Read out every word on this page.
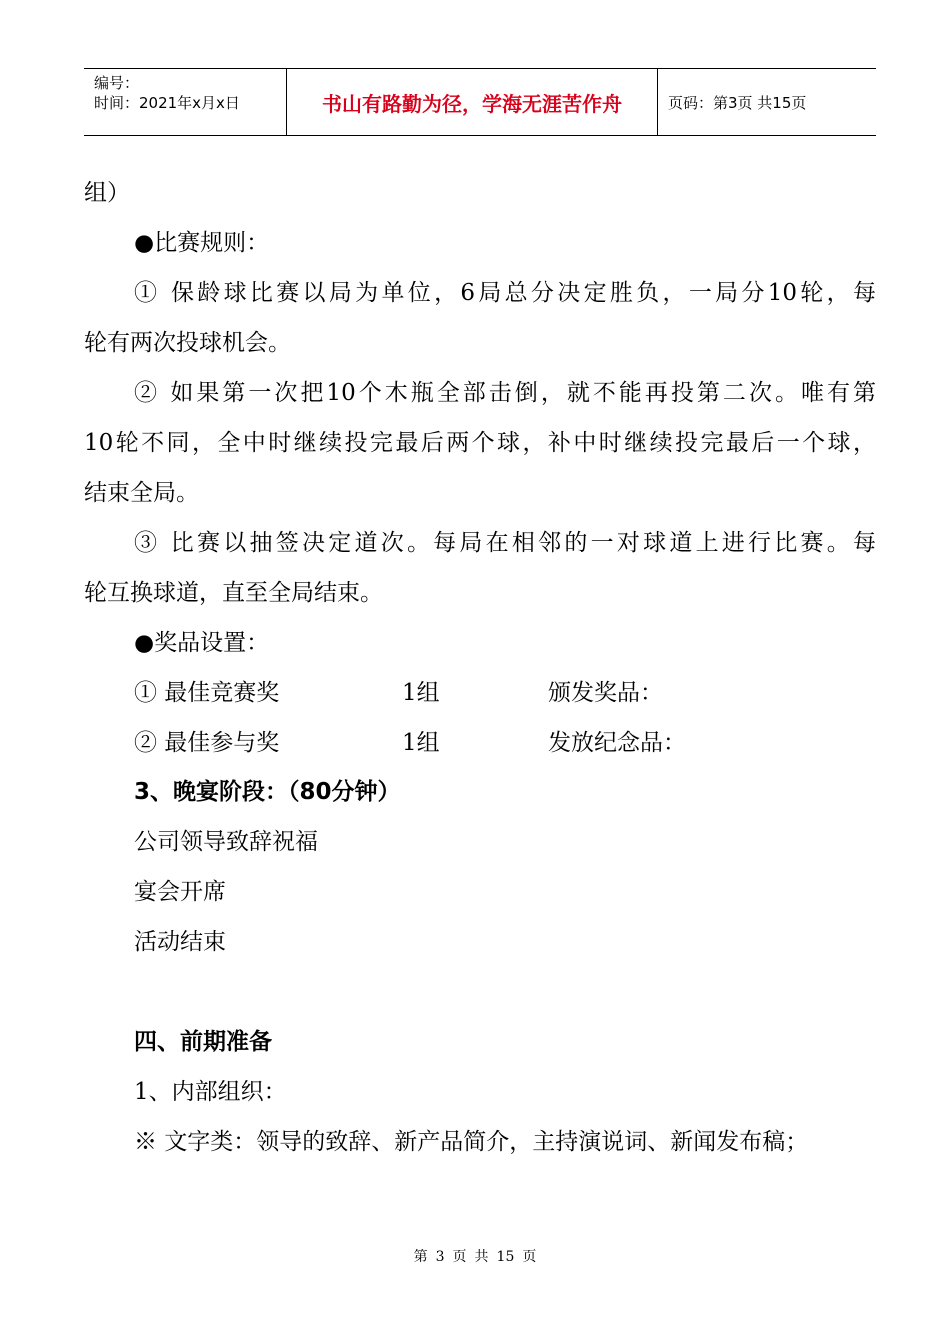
编号：
时间：2021年x月x日	书山有路勤为径，学海无涯苦作舟	页码：第3页 共15页
组）
●比赛规则：
① 保龄球比赛以局为单位，6局总分决定胜负，一局分10轮，每
轮有两次投球机会。
② 如果第一次把10个木瓶全部击倒，就不能再投第二次。唯有第
10轮不同，全中时继续投完最后两个球，补中时继续投完最后一个球，
结束全局。
③ 比赛以抽签决定道次。每局在相邻的一对球道上进行比赛。每
轮互换球道，直至全局结束。
●奖品设置：
① 最佳竞赛奖	1组	颁发奖品：
② 最佳参与奖	1组	发放纪念品：
3、晚宴阶段：（80分钟）
公司领导致辞祝福
宴会开席
活动结束
四、前期准备
1、内部组织：
※ 文字类：领导的致辞、新产品简介，主持演说词、新闻发布稿；
第 3 页 共 15 页
